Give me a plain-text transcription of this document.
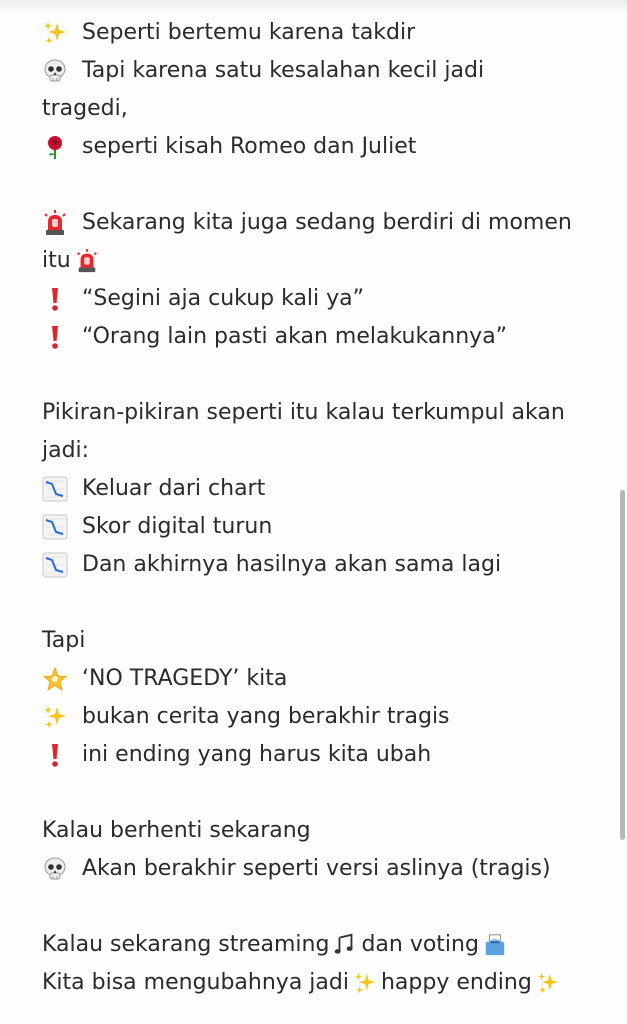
Seperti bertemu karena takdir
Tapi karena satu kesalahan kecil jadi
tragedi,
seperti kisah Romeo dan Juliet
Sekarang kita juga sedang berdiri di momen
itu
“Segini aja cukup kali ya”
“Orang lain pasti akan melakukannya”
Pikiran-pikiran seperti itu kalau terkumpul akan
jadi:
Keluar dari chart
Skor digital turun
Dan akhirnya hasilnya akan sama lagi
Tapi
‘NO TRAGEDY’ kita
bukan cerita yang berakhir tragis
ini ending yang harus kita ubah
Kalau berhenti sekarang
Akan berakhir seperti versi aslinya (tragis)
Kalau sekarang streaming dan voting
Kita bisa mengubahnya jadi happy ending
